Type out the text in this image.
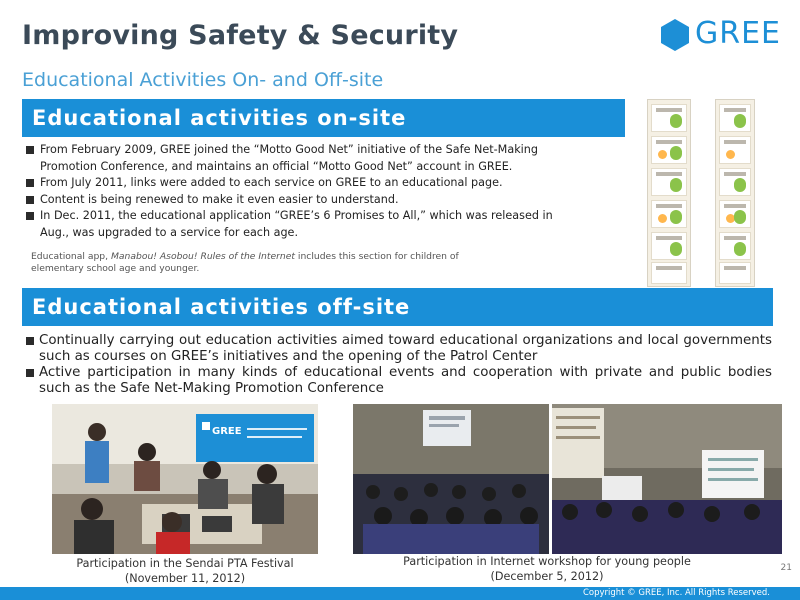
Improving Safety & Security	GREE
Educational Activities On- and Off-site
Educational activities on-site
From February 2009, GREE joined the “Motto Good Net” initiative of the Safe Net-Making Promotion Conference, and maintains an official “Motto Good Net” account in GREE.
From July 2011, links were added to each service on GREE to an educational page.
Content is being renewed to make it even easier to understand.
In Dec. 2011, the educational application “GREE’s 6 Promises to All,” which was released in Aug., was upgraded to a service for each age.
Educational app, Manabou! Asobou! Rules of the Internet includes this section for children of elementary school age and younger.
Educational activities off-site
Continually carrying out education activities aimed toward educational organizations and local governments such as courses on GREE’s initiatives and the opening of the Patrol Center
Active participation in many kinds of educational events and cooperation with private and public bodies such as the Safe Net-Making Promotion Conference
GREE
Participation in the Sendai PTA Festival
(November 11, 2012)
Participation in Internet workshop for young people
(December 5, 2012)
21
Copyright © GREE, Inc. All Rights Reserved.
